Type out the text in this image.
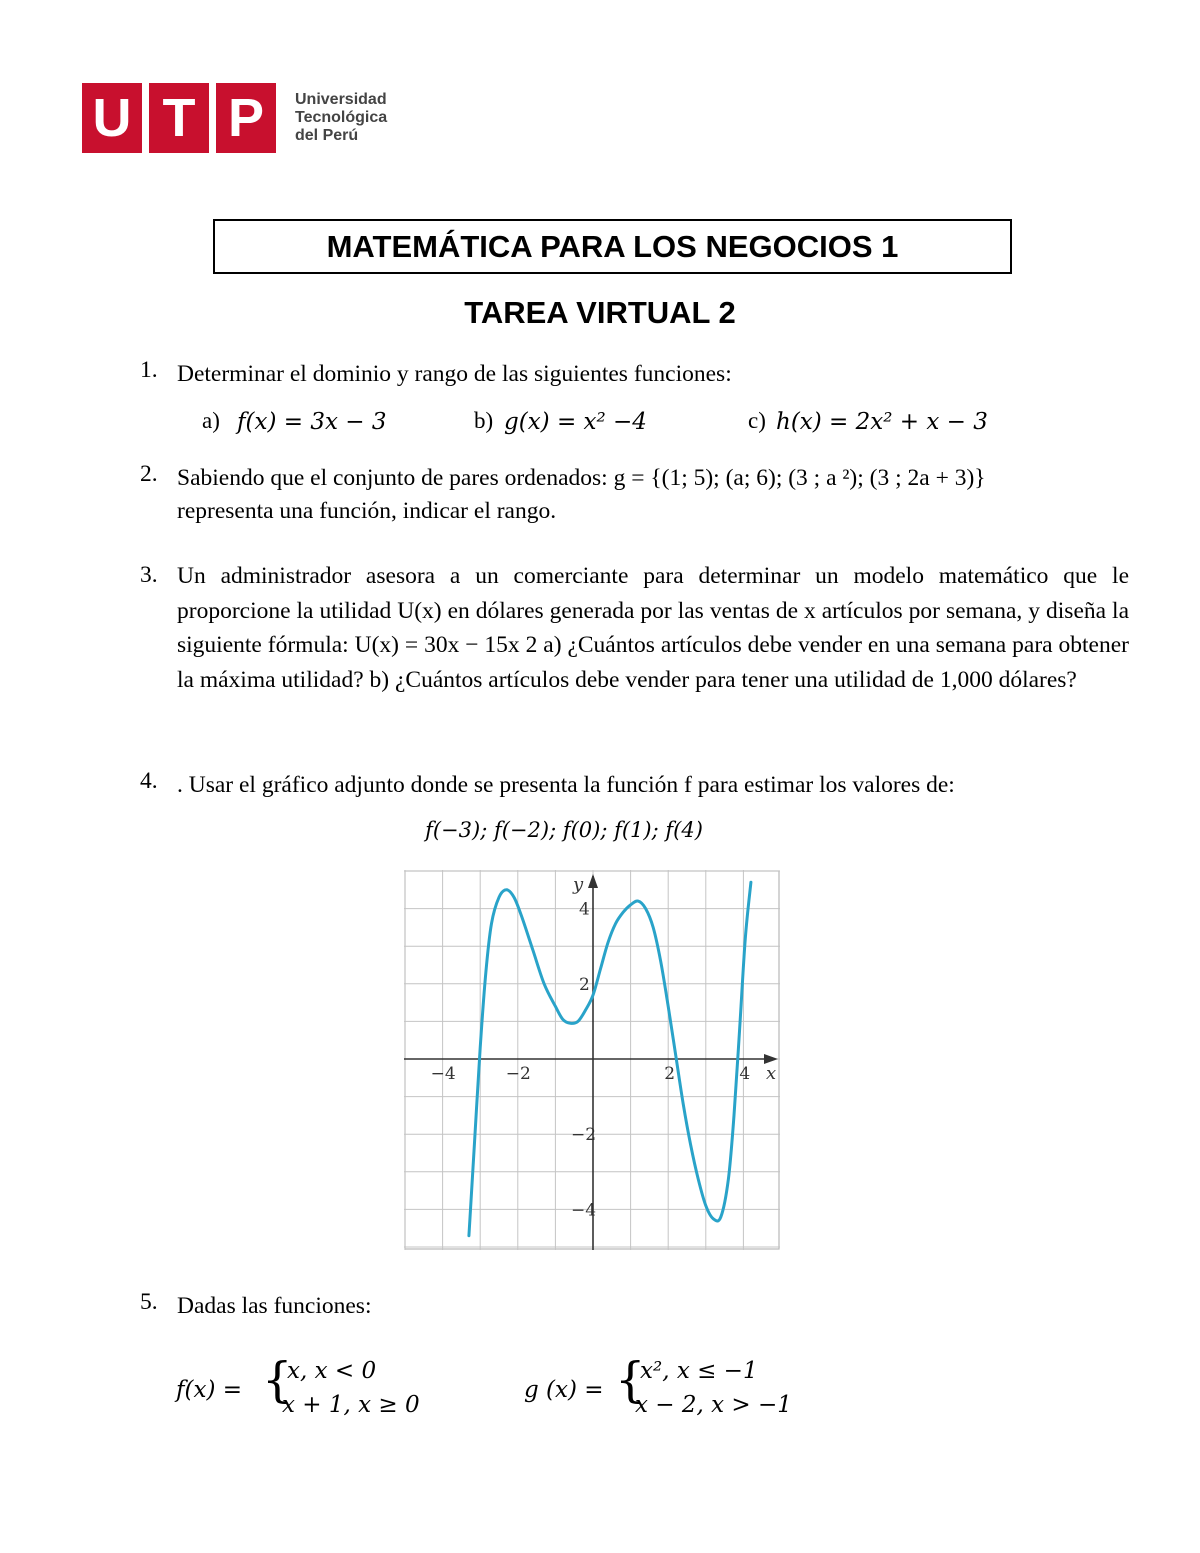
U T P	Universidad
Tecnológica
del Perú
MATEMÁTICA PARA LOS NEGOCIOS 1
TAREA VIRTUAL 2
1. Determinar el dominio y rango de las siguientes funciones:
a) f(x) = 3x − 3	b) g(x) = x² −4	c) h(x) = 2x² + x − 3
2. Sabiendo que el conjunto de pares ordenados: g = {(1; 5); (a; 6); (3 ; a ²); (3 ; 2a + 3)}
representa una función, indicar el rango.
3. Un administrador asesora a un comerciante para determinar un modelo matemático que le proporcione la utilidad U(x) en dólares generada por las ventas de x artículos por semana, y diseña la siguiente fórmula: U(x) = 30x − 15x 2 a) ¿Cuántos artículos debe vender en una semana para obtener la máxima utilidad? b) ¿Cuántos artículos debe vender para tener una utilidad de 1,000 dólares?
4. . Usar el gráfico adjunto donde se presenta la función f para estimar los valores de:
f(−3); f(−2); f(0); f(1); f(4)
x
y
−4	−2	2	4
4
2
−2
−4
5. Dadas las funciones:
f(x) = {
x, x < 0
x + 1, x ≥ 0
g (x) = {
x², x ≤ −1
x − 2, x > −1
